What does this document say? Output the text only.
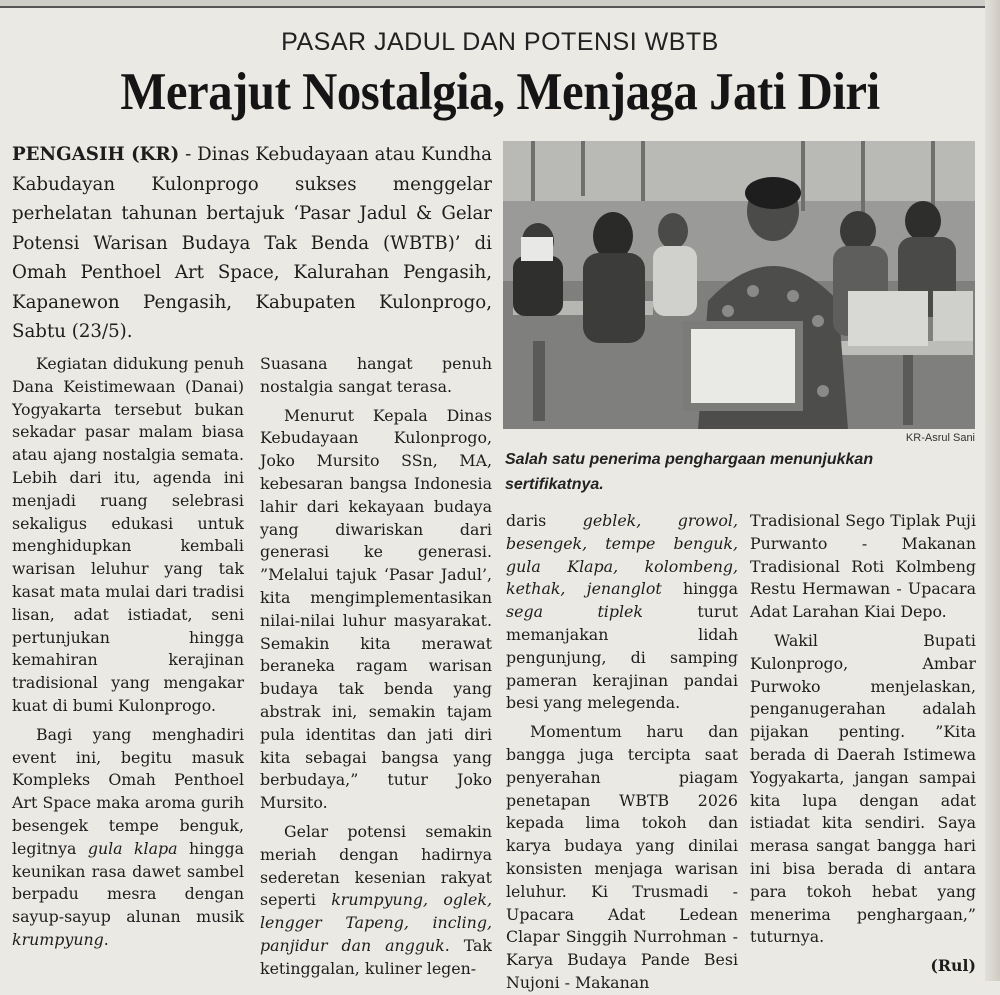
PASAR JADUL DAN POTENSI WBTB
Merajut Nostalgia, Menjaga Jati Diri
PENGASIH (KR) - Dinas Kebudayaan atau Kundha Kabudayan Kulonprogo sukses menggelar perhelatan tahunan bertajuk ‘Pasar Jadul & Gelar Potensi Warisan Budaya Tak Benda (WBTB)’ di Omah Penthoel Art Space, Kalurahan Pengasih, Kapanewon Pengasih, Kabupaten Kulonprogo, Sabtu (23/5).
KR-Asrul Sani
Salah satu penerima penghargaan menunjukkan sertifikatnya.

Kegiatan didukung penuh Dana Keistimewaan (Danai) Yogyakarta tersebut bukan sekadar pasar malam biasa atau ajang nostalgia semata. Lebih dari itu, agenda ini menjadi ruang selebrasi sekaligus edukasi untuk menghidupkan kembali warisan leluhur yang tak kasat mata mulai dari tradisi lisan, adat istiadat, seni pertunjukan hingga kemahiran kerajinan tradisional yang mengakar kuat di bumi Kulonprogo.

Bagi yang menghadiri event ini, begitu masuk Kompleks Omah Penthoel Art Space maka aroma gurih besengek tempe benguk, legitnya gula klapa hingga keunikan rasa dawet sambel berpadu mesra dengan sayup-sayup alunan musik krumpyung.

Suasana hangat penuh nostalgia sangat terasa.

Menurut Kepala Dinas Kebudayaan Kulonprogo, Joko Mursito SSn, MA, kebesaran bangsa Indonesia lahir dari kekayaan budaya yang diwariskan dari generasi ke generasi. ”Melalui tajuk ‘Pasar Jadul’, kita mengimplementasikan nilai-nilai luhur masyarakat. Semakin kita merawat beraneka ragam warisan budaya tak benda yang abstrak ini, semakin tajam pula identitas dan jati diri kita sebagai bangsa yang berbudaya,” tutur Joko Mursito.

Gelar potensi semakin meriah dengan hadirnya sederetan kesenian rakyat seperti krumpyung, oglek, lengger Tapeng, incling, panjidur dan angguk. Tak ketinggalan, kuliner legen-

daris geblek, growol, besengek, tempe benguk, gula Klapa, kolombeng, kethak, jenanglot hingga sega tiplek turut memanjakan lidah pengunjung, di samping pameran kerajinan pandai besi yang melegenda.

Momentum haru dan bangga juga tercipta saat penyerahan piagam penetapan WBTB 2026 kepada lima tokoh dan karya budaya yang dinilai konsisten menjaga warisan leluhur. Ki Trusmadi - Upacara Adat Ledean Clapar Singgih Nurrohman - Karya Budaya Pande Besi Nujoni - Makanan

Tradisional Sego Tiplak Puji Purwanto - Makanan Tradisional Roti Kolmbeng Restu Hermawan - Upacara Adat Larahan Kiai Depo.

Wakil Bupati Kulonprogo, Ambar Purwoko menjelaskan, penganugerahan adalah pijakan penting. ”Kita berada di Daerah Istimewa Yogyakarta, jangan sampai kita lupa dengan adat istiadat kita sendiri. Saya merasa sangat bangga hari ini bisa berada di antara para tokoh hebat yang menerima penghargaan,” tuturnya.

(Rul)
